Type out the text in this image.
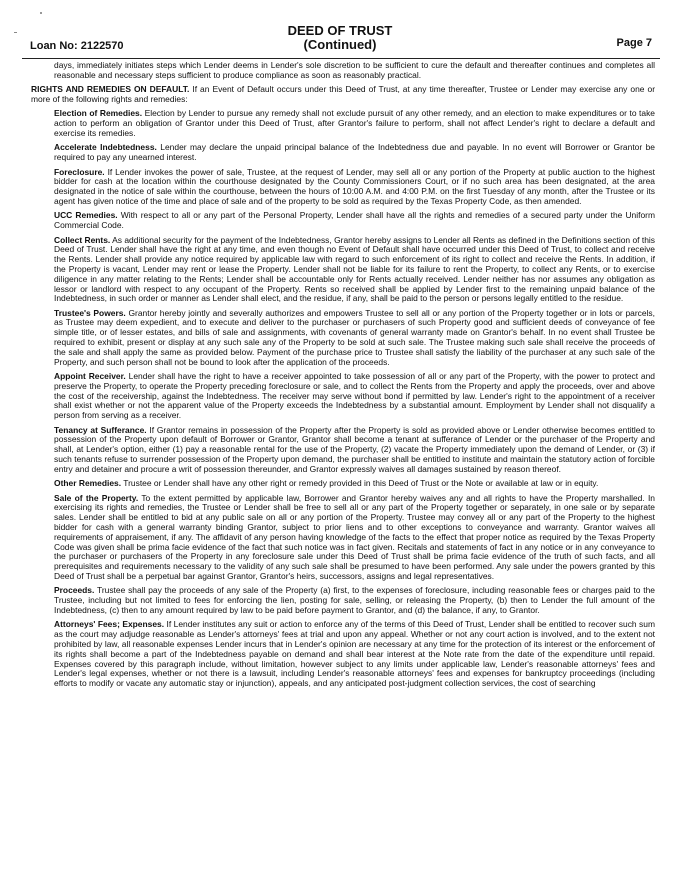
Loan No: 2122570
DEED OF TRUST
(Continued)	Page 7

days, immediately initiates steps which Lender deems in Lender's sole discretion to be sufficient to cure the default and thereafter continues and completes all reasonable and necessary steps sufficient to produce compliance as soon as reasonably practical.

RIGHTS AND REMEDIES ON DEFAULT. If an Event of Default occurs under this Deed of Trust, at any time thereafter, Trustee or Lender may exercise any one or more of the following rights and remedies:

Election of Remedies. Election by Lender to pursue any remedy shall not exclude pursuit of any other remedy, and an election to make expenditures or to take action to perform an obligation of Grantor under this Deed of Trust, after Grantor's failure to perform, shall not affect Lender's right to declare a default and exercise its remedies.

Accelerate Indebtedness. Lender may declare the unpaid principal balance of the Indebtedness due and payable. In no event will Borrower or Grantor be required to pay any unearned interest.

Foreclosure. If Lender invokes the power of sale, Trustee, at the request of Lender, may sell all or any portion of the Property at public auction to the highest bidder for cash at the location within the courthouse designated by the County Commissioners Court, or if no such area has been designated, at the area designated in the notice of sale within the courthouse, between the hours of 10:00 A.M. and 4:00 P.M. on the first Tuesday of any month, after the Trustee or its agent has given notice of the time and place of sale and of the property to be sold as required by the Texas Property Code, as then amended.

UCC Remedies. With respect to all or any part of the Personal Property, Lender shall have all the rights and remedies of a secured party under the Uniform Commercial Code.

Collect Rents. As additional security for the payment of the Indebtedness, Grantor hereby assigns to Lender all Rents as defined in the Definitions section of this Deed of Trust. Lender shall have the right at any time, and even though no Event of Default shall have occurred under this Deed of Trust, to collect and receive the Rents. Lender shall provide any notice required by applicable law with regard to such enforcement of its right to collect and receive the Rents. In addition, if the Property is vacant, Lender may rent or lease the Property. Lender shall not be liable for its failure to rent the Property, to collect any Rents, or to exercise diligence in any matter relating to the Rents; Lender shall be accountable only for Rents actually received. Lender neither has nor assumes any obligation as lessor or landlord with respect to any occupant of the Property. Rents so received shall be applied by Lender first to the remaining unpaid balance of the Indebtedness, in such order or manner as Lender shall elect, and the residue, if any, shall be paid to the person or persons legally entitled to the residue.

Trustee's Powers. Grantor hereby jointly and severally authorizes and empowers Trustee to sell all or any portion of the Property together or in lots or parcels, as Trustee may deem expedient, and to execute and deliver to the purchaser or purchasers of such Property good and sufficient deeds of conveyance of fee simple title, or of lesser estates, and bills of sale and assignments, with covenants of general warranty made on Grantor's behalf. In no event shall Trustee be required to exhibit, present or display at any such sale any of the Property to be sold at such sale. The Trustee making such sale shall receive the proceeds of the sale and shall apply the same as provided below. Payment of the purchase price to Trustee shall satisfy the liability of the purchaser at any such sale of the Property, and such person shall not be bound to look after the application of the proceeds.

Appoint Receiver. Lender shall have the right to have a receiver appointed to take possession of all or any part of the Property, with the power to protect and preserve the Property, to operate the Property preceding foreclosure or sale, and to collect the Rents from the Property and apply the proceeds, over and above the cost of the receivership, against the Indebtedness. The receiver may serve without bond if permitted by law. Lender's right to the appointment of a receiver shall exist whether or not the apparent value of the Property exceeds the Indebtedness by a substantial amount. Employment by Lender shall not disqualify a person from serving as a receiver.

Tenancy at Sufferance. If Grantor remains in possession of the Property after the Property is sold as provided above or Lender otherwise becomes entitled to possession of the Property upon default of Borrower or Grantor, Grantor shall become a tenant at sufferance of Lender or the purchaser of the Property and shall, at Lender's option, either (1) pay a reasonable rental for the use of the Property, (2) vacate the Property immediately upon the demand of Lender, or (3) if such tenants refuse to surrender possession of the Property upon demand, the purchaser shall be entitled to institute and maintain the statutory action of forcible entry and detainer and procure a writ of possession thereunder, and Grantor expressly waives all damages sustained by reason thereof.

Other Remedies. Trustee or Lender shall have any other right or remedy provided in this Deed of Trust or the Note or available at law or in equity.

Sale of the Property. To the extent permitted by applicable law, Borrower and Grantor hereby waives any and all rights to have the Property marshalled. In exercising its rights and remedies, the Trustee or Lender shall be free to sell all or any part of the Property together or separately, in one sale or by separate sales. Lender shall be entitled to bid at any public sale on all or any portion of the Property. Trustee may convey all or any part of the Property to the highest bidder for cash with a general warranty binding Grantor, subject to prior liens and to other exceptions to conveyance and warranty. Grantor waives all requirements of appraisement, if any. The affidavit of any person having knowledge of the facts to the effect that proper notice as required by the Texas Property Code was given shall be prima facie evidence of the fact that such notice was in fact given. Recitals and statements of fact in any notice or in any conveyance to the purchaser or purchasers of the Property in any foreclosure sale under this Deed of Trust shall be prima facie evidence of the truth of such facts, and all prerequisites and requirements necessary to the validity of any such sale shall be presumed to have been performed. Any sale under the powers granted by this Deed of Trust shall be a perpetual bar against Grantor, Grantor's heirs, successors, assigns and legal representatives.

Proceeds. Trustee shall pay the proceeds of any sale of the Property (a) first, to the expenses of foreclosure, including reasonable fees or charges paid to the Trustee, including but not limited to fees for enforcing the lien, posting for sale, selling, or releasing the Property, (b) then to Lender the full amount of the Indebtedness, (c) then to any amount required by law to be paid before payment to Grantor, and (d) the balance, if any, to Grantor.

Attorneys' Fees; Expenses. If Lender institutes any suit or action to enforce any of the terms of this Deed of Trust, Lender shall be entitled to recover such sum as the court may adjudge reasonable as Lender's attorneys' fees at trial and upon any appeal. Whether or not any court action is involved, and to the extent not prohibited by law, all reasonable expenses Lender incurs that in Lender's opinion are necessary at any time for the protection of its interest or the enforcement of its rights shall become a part of the Indebtedness payable on demand and shall bear interest at the Note rate from the date of the expenditure until repaid. Expenses covered by this paragraph include, without limitation, however subject to any limits under applicable law, Lender's reasonable attorneys' fees and Lender's legal expenses, whether or not there is a lawsuit, including Lender's reasonable attorneys' fees and expenses for bankruptcy proceedings (including efforts to modify or vacate any automatic stay or injunction), appeals, and any anticipated post-judgment collection services, the cost of searching
